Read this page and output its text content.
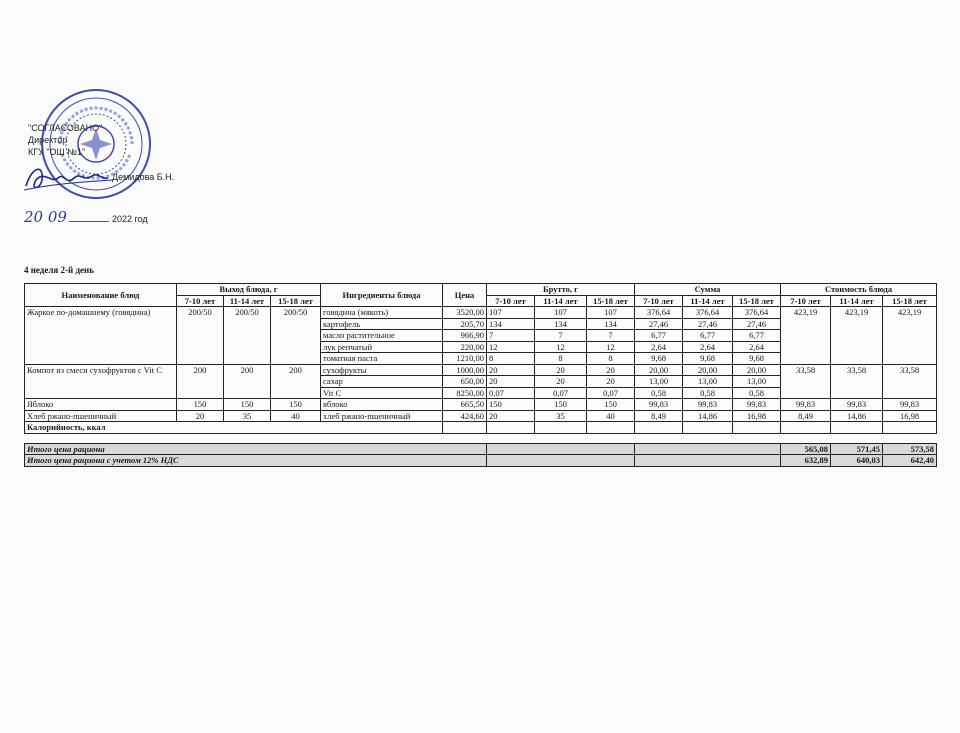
"СОГЛАСОВАНО"
Директор
КГУ "ОШ №1"
Демидова Б.Н.
20 09	2022 год
4 неделя 2-й день
Наименование блюд	Выход блюда, г			Ингредиенты блюда	Цена	Брутто, г			Сумма			Стоимость блюда		
	7-10 лет	11-14 лет	15-18 лет			7-10 лет	11-14 лет	15-18 лет	7-10 лет	11-14 лет	15-18 лет	7-10 лет	11-14 лет	15-18 лет
Жаркое по-домашнему (говядина)	200/50	200/50	200/50	говядина (мякоть)	3520,00	107	107	107	376,64	376,64	376,64	423,19	423,19	423,19
				картофель	205,70	134	134	134	27,46	27,46	27,46			
				масло растительное	966,90	7	7	7	6,77	6,77	6,77			
				лук репчатый	220,00	12	12	12	2,64	2,64	2,64			
				томатная паста	1210,00	8	8	8	9,68	9,68	9,68			
Компот из смеси сухофруктов с Vit C	200	200	200	сухофрукты	1000,00	20	20	20	20,00	20,00	20,00	33,58	33,58	33,58
				сахар	650,00	20	20	20	13,00	13,00	13,00			
				Vit C	8250,00	0,07	0,07	0,07	0,58	0,58	0,58			
Яблоко	150	150	150	яблоко	665,50	150	150	150	99,83	99,83	99,83	99,83	99,83	99,83
Хлеб ржано-пшеничный	20	35	40	хлеб ржано-пшеничный	424,60	20	35	40	8,49	14,86	16,98	8,49	14,86	16,98
Калорийность, ккал														

Итого цена рациона												565,08	571,45	573,58
Итого цена рациона с учетом 12% НДС												632,89	640,03	642,40
